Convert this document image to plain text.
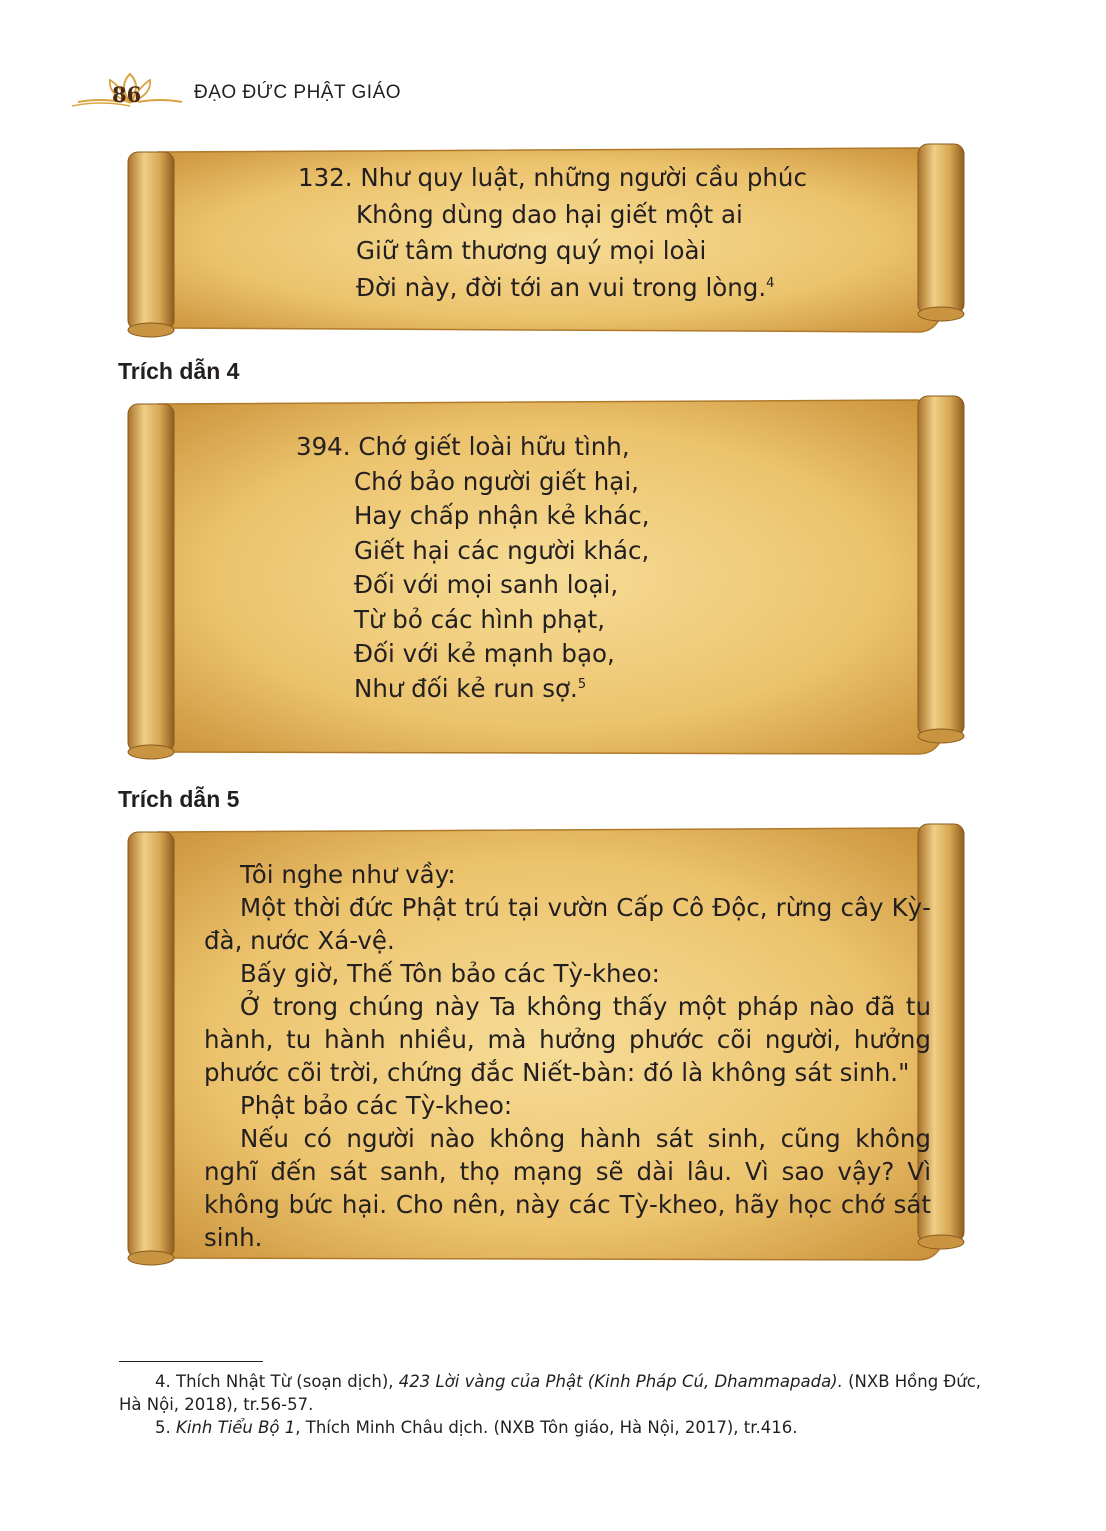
86	ĐẠO ĐỨC PHẬT GIÁO
132. Như quy luật, những người cầu phúc
Không dùng dao hại giết một ai
Giữ tâm thương quý mọi loài
Đời này, đời tới an vui trong lòng.$^4$
Trích dẫn 4
394. Chớ giết loài hữu tình,
Chớ bảo người giết hại,
Hay chấp nhận kẻ khác,
Giết hại các người khác,
Đối với mọi sanh loại,
Từ bỏ các hình phạt,
Đối với kẻ mạnh bạo,
Như đối kẻ run sợ.$^5$
Trích dẫn 5

Tôi nghe như vầy:

Một thời đức Phật trú tại vườn Cấp Cô Độc, rừng cây Kỳ-đà, nước Xá-vệ.

Bấy giờ, Thế Tôn bảo các Tỳ-kheo:

Ở trong chúng này Ta không thấy một pháp nào đã tu hành, tu hành nhiều, mà hưởng phước cõi người, hưởng phước cõi trời, chứng đắc Niết-bàn: đó là không sát sinh."

Phật bảo các Tỳ-kheo:

Nếu có người nào không hành sát sinh, cũng không nghĩ đến sát sanh, thọ mạng sẽ dài lâu. Vì sao vậy? Vì không bức hại. Cho nên, này các Tỳ-kheo, hãy học chớ sát sinh.

4. Thích Nhật Từ (soạn dịch), 423 Lời vàng của Phật (Kinh Pháp Cú, Dhammapada). (NXB Hồng Đức, Hà Nội, 2018), tr.56-57.

5. Kinh Tiểu Bộ 1, Thích Minh Châu dịch. (NXB Tôn giáo, Hà Nội, 2017), tr.416.
